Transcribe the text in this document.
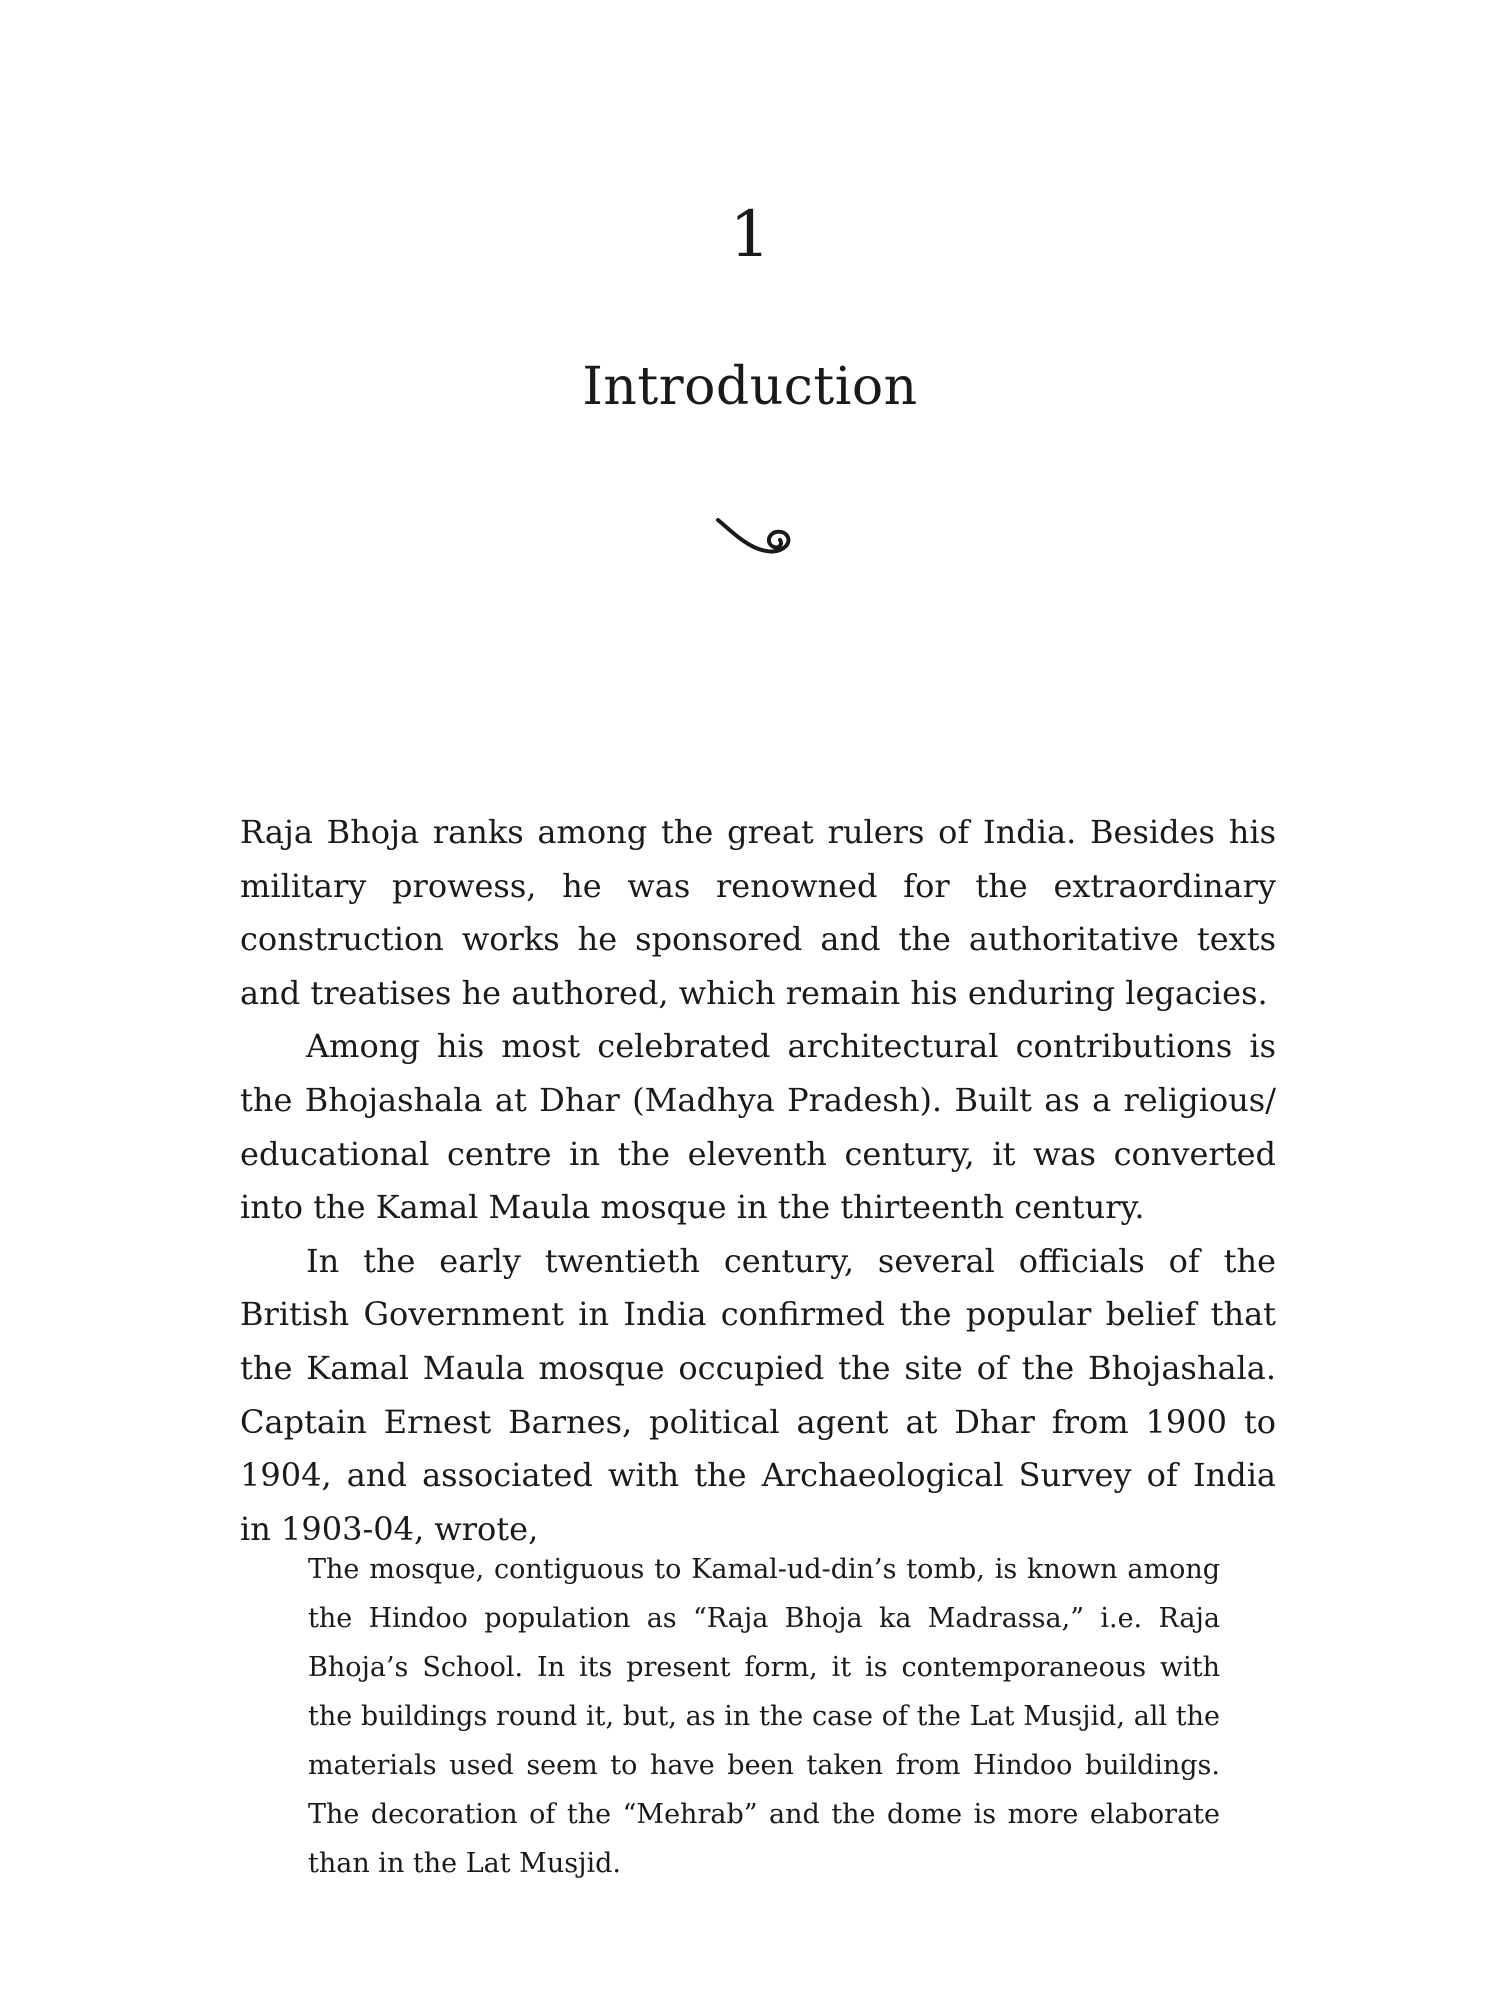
1
Introduction

Raja Bhoja ranks among the great rulers of India. Besides his military prowess, he was renowned for the extraordinary construction works he sponsored and the authoritative texts and treatises he authored, which remain his enduring legacies.

Among his most celebrated architectural contributions is the Bhojashala at Dhar (Madhya Pradesh). Built as a religious/ educational centre in the eleventh century, it was converted into the Kamal Maula mosque in the thirteenth century.

In the early twentieth century, several officials of the British Government in India confirmed the popular belief that the Kamal Maula mosque occupied the site of the Bhojashala. Captain Ernest Barnes, political agent at Dhar from 1900 to 1904, and associated with the Archaeological Survey of India in 1903-04, wrote,

The mosque, contiguous to Kamal-ud-din’s tomb, is known among the Hindoo population as “Raja Bhoja ka Madrassa,” i.e. Raja Bhoja’s School. In its present form, it is contemporaneous with the buildings round it, but, as in the case of the Lat Musjid, all the materials used seem to have been taken from Hindoo buildings. The decoration of the “Mehrab” and the dome is more elaborate than in the Lat Musjid.
